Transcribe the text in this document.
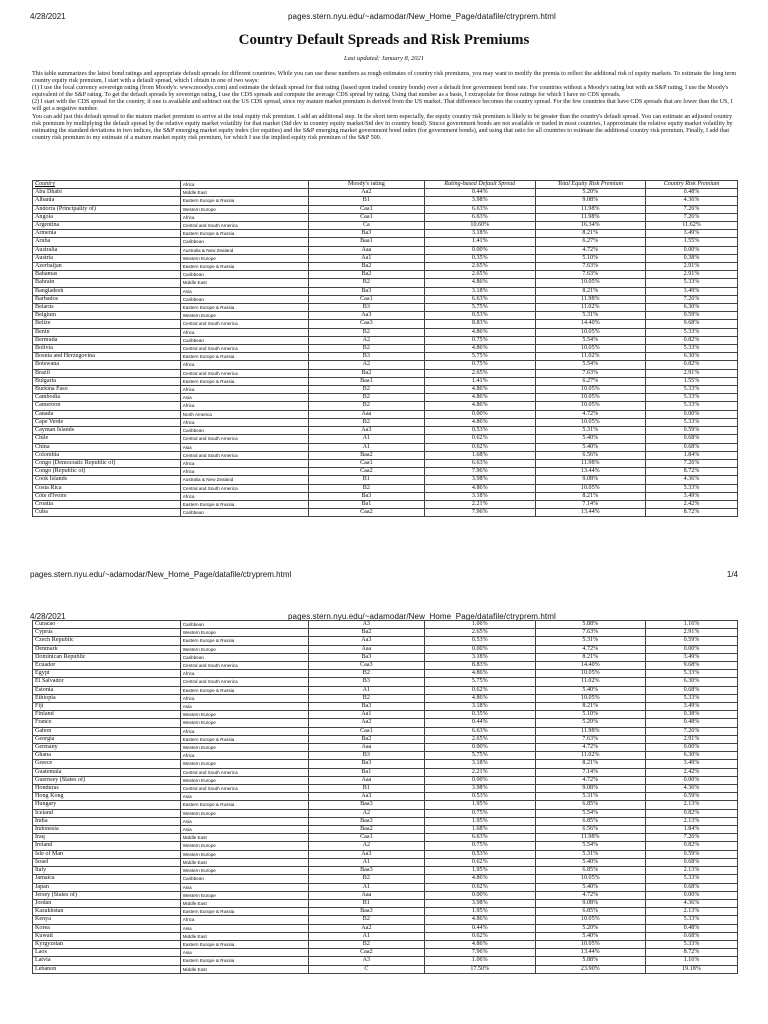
4/28/2021	pages.stern.nyu.edu/~adamodar/New_Home_Page/datafile/ctryprem.html
Country Default Spreads and Risk Premiums
Last updated: January 8, 2021

This table summarizes the latest bond ratings and appropriate default spreads for different countries. While you can use these numbers as rough estimates of country risk premiums, you may want to modify the premia to reflect the additonal risk of equity markets. To estimate the long term country equity risk premium, I start with a default spread, which I obtain in one of two ways:

(1) I use the local currency sovereign rating (from Moody's: www.moodys.com) and estimate the default spread for that rating (based upon traded country bonds) over a default free government bond rate. For countries without a Moody's rating but with an S&P rating, I use the Moody's equivalent of the S&P rating. To get the default spreads by sovereign rating, I use the CDS spreads and compute the average CDS spread by rating. Using that number as a basis, I extrapolate for those ratings for which I have no CDS spreads.

(2) I start with the CDS spread for the country, if one is available and subtract out the US CDS spread, since my mature market premium is derived from the US market. That difference becomes the country spread. For the few countries that have CDS spreads that are lower than the US, I will get a negative number.

You can add just this default spread to the mature market premium to arrive at the total equity risk premium. I add an additional step. In the short term especially, the equity country risk premium is likely to be greater than the country's default spread. You can estimate an adjusted country risk premium by multiplying the default spread by the relative equity market volatility for that market (Std dev in country equity market/Std dev in country bond). Sincce government bonds are not available or traded in most countries, I approximate the relative equity market volatility by estimating the standard deviations in two indices, the S&P emerging market equity index (for equities) and the S&P emerging market government bond index (for government bonds), and using that ratio for all countries to estimate the additional country risk premium. Finally, I add that country risk premium to my estimate of a mature market equity risk premium, for which I use the implied equity risk premium of the S&P 500.

Country	Africa	Moody's rating	Rating-based Default Spread	Total Equity Risk Premium	Country Risk Premium
Abu Dhabi	Middle East	Aa2	0.44%	5.20%	0.48%
Albania	Eastern Europe & Russia	B1	3.98%	9.08%	4.36%
Andorra (Principality of)	Western Europe	Caa1	6.63%	11.98%	7.26%
Angola	Africa	Caa1	6.63%	11.98%	7.26%
Argentina	Central and South America	Ca	10.60%	16.34%	11.62%
Armenia	Eastern Europe & Russia	Ba3	3.18%	8.21%	3.49%
Aruba	Caribbean	Baa1	1.41%	6.27%	1.55%
Australia	Australia & New Zealand	Aaa	0.00%	4.72%	0.00%
Austria	Western Europe	Aa1	0.35%	5.10%	0.38%
Azerbaijan	Eastern Europe & Russia	Ba2	2.65%	7.63%	2.91%
Bahamas	Caribbean	Ba2	2.65%	7.63%	2.91%
Bahrain	Middle East	B2	4.86%	10.05%	5.33%
Bangladesh	Asia	Ba3	3.18%	8.21%	3.49%
Barbados	Caribbean	Caa1	6.63%	11.98%	7.26%
Belarus	Eastern Europe & Russia	B3	5.75%	11.02%	6.30%
Belgium	Western Europe	Aa3	0.53%	5.31%	0.59%
Belize	Central and South America	Caa3	8.83%	14.40%	9.68%
Benin	Africa	B2	4.86%	10.05%	5.33%
Bermuda	Caribbean	A2	0.75%	5.54%	0.82%
Bolivia	Central and South America	B2	4.86%	10.05%	5.33%
Bosnia and Herzegovina	Eastern Europe & Russia	B3	5.75%	11.02%	6.30%
Botswana	Africa	A2	0.75%	5.54%	0.82%
Brazil	Central and South America	Ba2	2.65%	7.63%	2.91%
Bulgaria	Eastern Europe & Russia	Baa1	1.41%	6.27%	1.55%
Burkina Faso	Africa	B2	4.86%	10.05%	5.33%
Cambodia	Asia	B2	4.86%	10.05%	5.33%
Cameroon	Africa	B2	4.86%	10.05%	5.33%
Canada	North America	Aaa	0.00%	4.72%	0.00%
Cape Verde	Africa	B2	4.86%	10.05%	5.33%
Cayman Islands	Caribbean	Aa3	0.53%	5.31%	0.59%
Chile	Central and South America	A1	0.62%	5.40%	0.68%
China	Asia	A1	0.62%	5.40%	0.68%
Colombia	Central and South America	Baa2	1.68%	6.56%	1.84%
Congo (Democratic Republic of)	Africa	Caa1	6.63%	11.98%	7.26%
Congo (Republic of)	Africa	Caa2	7.96%	13.44%	8.72%
Cook Islands	Australia & New Zealand	B1	3.98%	9.08%	4.36%
Costa Rica	Central and South America	B2	4.86%	10.05%	5.33%
Côte d'Ivoire	Africa	Ba3	3.18%	8.21%	3.49%
Croatia	Eastern Europe & Russia	Ba1	2.21%	7.14%	2.42%
Cuba	Caribbean	Caa2	7.96%	13.44%	8.72%
pages.stern.nyu.edu/~adamodar/New_Home_Page/datafile/ctryprem.html	1/4
4/28/2021	pages.stern.nyu.edu/~adamodar/New_Home_Page/datafile/ctryprem.html
Curacao	Caribbean	A3	1.06%	5.88%	1.16%
Cyprus	Western Europe	Ba2	2.65%	7.63%	2.91%
Czech Republic	Eastern Europe & Russia	Aa3	0.53%	5.31%	0.59%
Denmark	Western Europe	Aaa	0.00%	4.72%	0.00%
Dominican Republic	Caribbean	Ba3	3.18%	8.21%	3.49%
Ecuador	Central and South America	Caa3	8.83%	14.40%	9.68%
Egypt	Africa	B2	4.86%	10.05%	5.33%
El Salvador	Central and South America	B3	5.75%	11.02%	6.30%
Estonia	Eastern Europe & Russia	A1	0.62%	5.40%	0.68%
Ethiopia	Africa	B2	4.86%	10.05%	5.33%
Fiji	Asia	Ba3	3.18%	8.21%	3.49%
Finland	Western Europe	Aa1	0.35%	5.10%	0.38%
France	Western Europe	Aa2	0.44%	5.20%	0.48%
Gabon	Africa	Caa1	6.63%	11.98%	7.26%
Georgia	Eastern Europe & Russia	Ba2	2.65%	7.63%	2.91%
Germany	Western Europe	Aaa	0.00%	4.72%	0.00%
Ghana	Africa	B3	5.75%	11.02%	6.30%
Greece	Western Europe	Ba3	3.18%	8.21%	3.49%
Guatemala	Central and South America	Ba1	2.21%	7.14%	2.42%
Guernsey (States of)	Western Europe	Aaa	0.00%	4.72%	0.00%
Honduras	Central and South America	B1	3.98%	9.08%	4.36%
Hong Kong	Asia	Aa3	0.53%	5.31%	0.59%
Hungary	Eastern Europe & Russia	Baa3	1.95%	6.85%	2.13%
Iceland	Western Europe	A2	0.75%	5.54%	0.82%
India	Asia	Baa3	1.95%	6.85%	2.13%
Indonesia	Asia	Baa2	1.68%	6.56%	1.84%
Iraq	Middle East	Caa1	6.63%	11.98%	7.26%
Ireland	Western Europe	A2	0.75%	5.54%	0.82%
Isle of Man	Western Europe	Aa3	0.53%	5.31%	0.59%
Israel	Middle East	A1	0.62%	5.40%	0.68%
Italy	Western Europe	Baa3	1.95%	6.85%	2.13%
Jamaica	Caribbean	B2	4.86%	10.05%	5.33%
Japan	Asia	A1	0.62%	5.40%	0.68%
Jersey (States of)	Western Europe	Aaa	0.00%	4.72%	0.00%
Jordan	Middle East	B1	3.98%	9.08%	4.36%
Kazakhstan	Eastern Europe & Russia	Baa3	1.95%	6.85%	2.13%
Kenya	Africa	B2	4.86%	10.05%	5.33%
Korea	Asia	Aa2	0.44%	5.20%	0.48%
Kuwait	Middle East	A1	0.62%	5.40%	0.68%
Kyrgyzstan	Eastern Europe & Russia	B2	4.86%	10.05%	5.33%
Laos	Asia	Caa2	7.96%	13.44%	8.72%
Latvia	Eastern Europe & Russia	A3	1.06%	5.88%	1.16%
Lebanon	Middle East	C	17.50%	23.90%	19.18%
